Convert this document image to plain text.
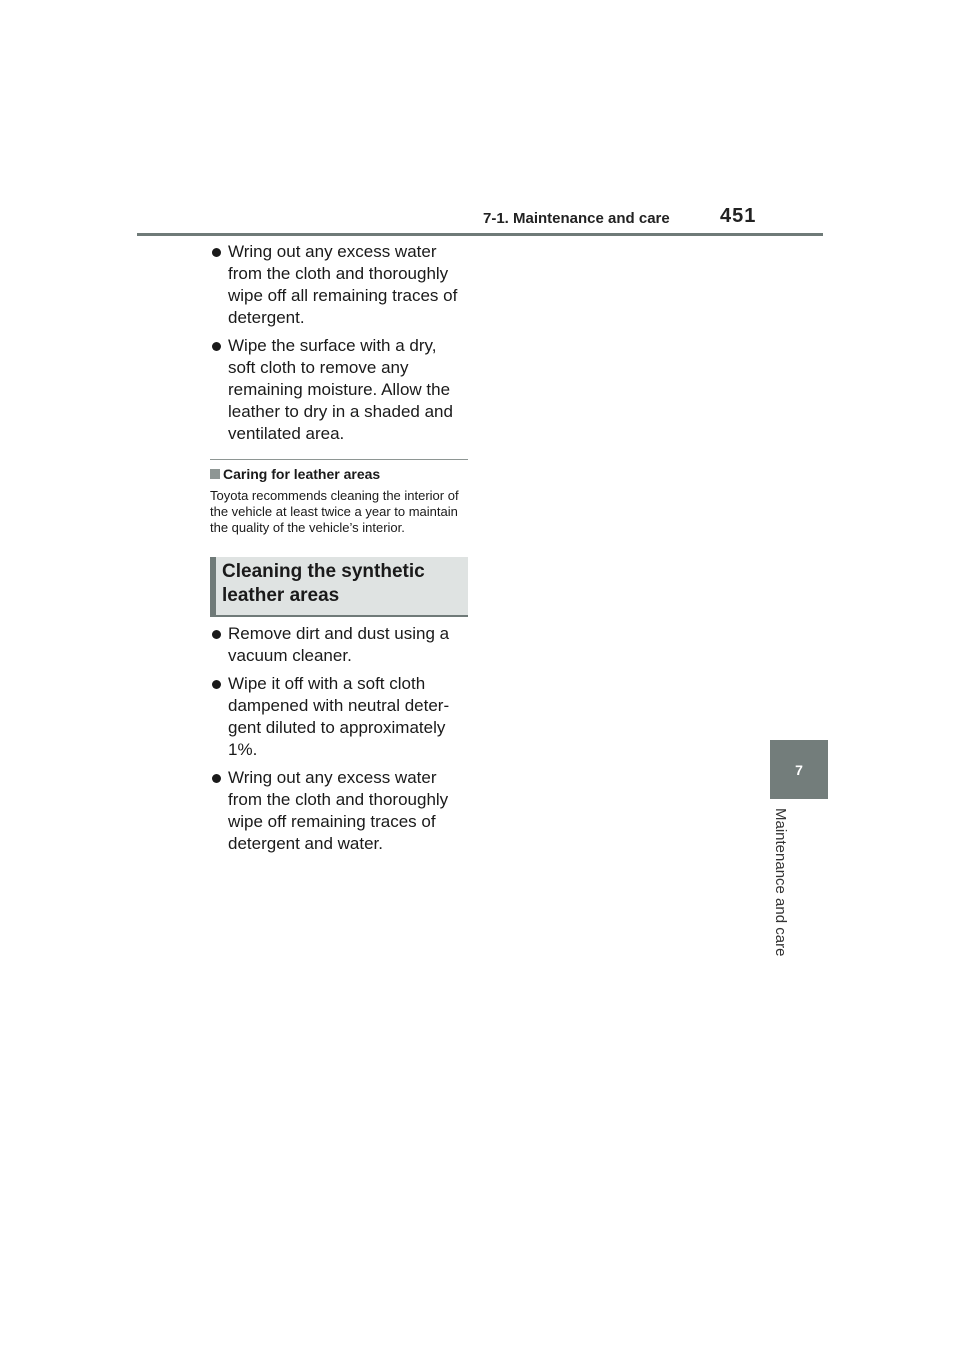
7-1. Maintenance and care	451
7
Maintenance and care
Wring out any excess water from the cloth and thoroughly wipe off all remaining traces of detergent.
Wipe the surface with a dry, soft cloth to remove any remaining moisture. Allow the leather to dry in a shaded and ventilated area.
Caring for leather areas
Toyota recommends cleaning the interior of the vehicle at least twice a year to maintain the quality of the vehicle’s interior.
Cleaning the synthetic
leather areas
Remove dirt and dust using a vacuum cleaner.
Wipe it off with a soft cloth dampened with neutral deter-gent diluted to approximately 1%.
Wring out any excess water from the cloth and thoroughly wipe off remaining traces of detergent and water.
